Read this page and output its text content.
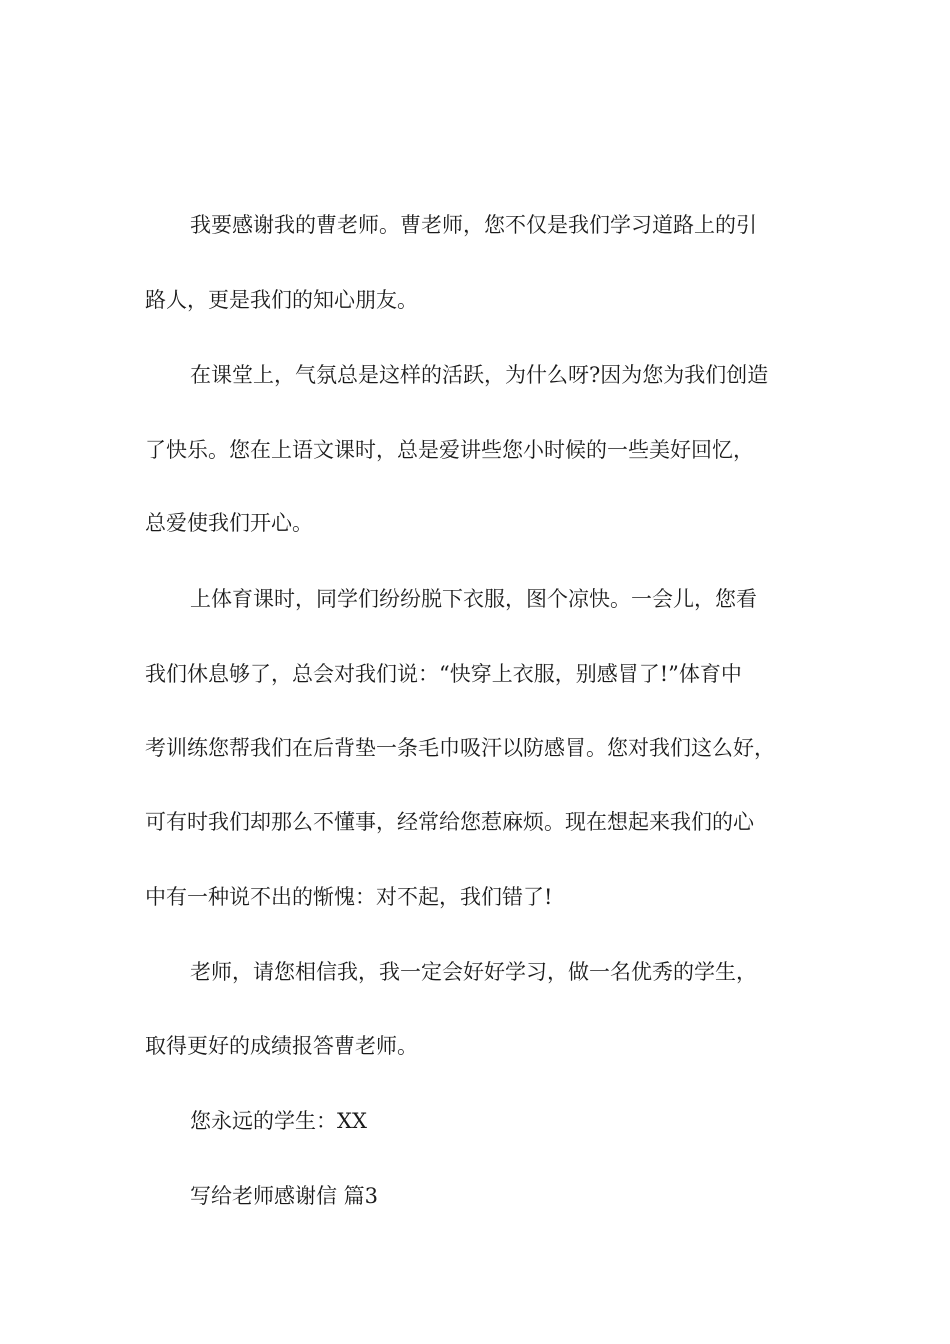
我要感谢我的曹老师。曹老师，您不仅是我们学习道路上的引
路人，更是我们的知心朋友。
在课堂上，气氛总是这样的活跃，为什么呀?因为您为我们创造
了快乐。您在上语文课时，总是爱讲些您小时候的一些美好回忆，
总爱使我们开心。
上体育课时，同学们纷纷脱下衣服，图个凉快。一会儿，您看
我们休息够了，总会对我们说：“快穿上衣服，别感冒了!”体育中
考训练您帮我们在后背垫一条毛巾吸汗以防感冒。您对我们这么好，
可有时我们却那么不懂事，经常给您惹麻烦。现在想起来我们的心
中有一种说不出的惭愧：对不起，我们错了!
老师，请您相信我，我一定会好好学习，做一名优秀的学生，
取得更好的成绩报答曹老师。
您永远的学生：XX
写给老师感谢信 篇3
